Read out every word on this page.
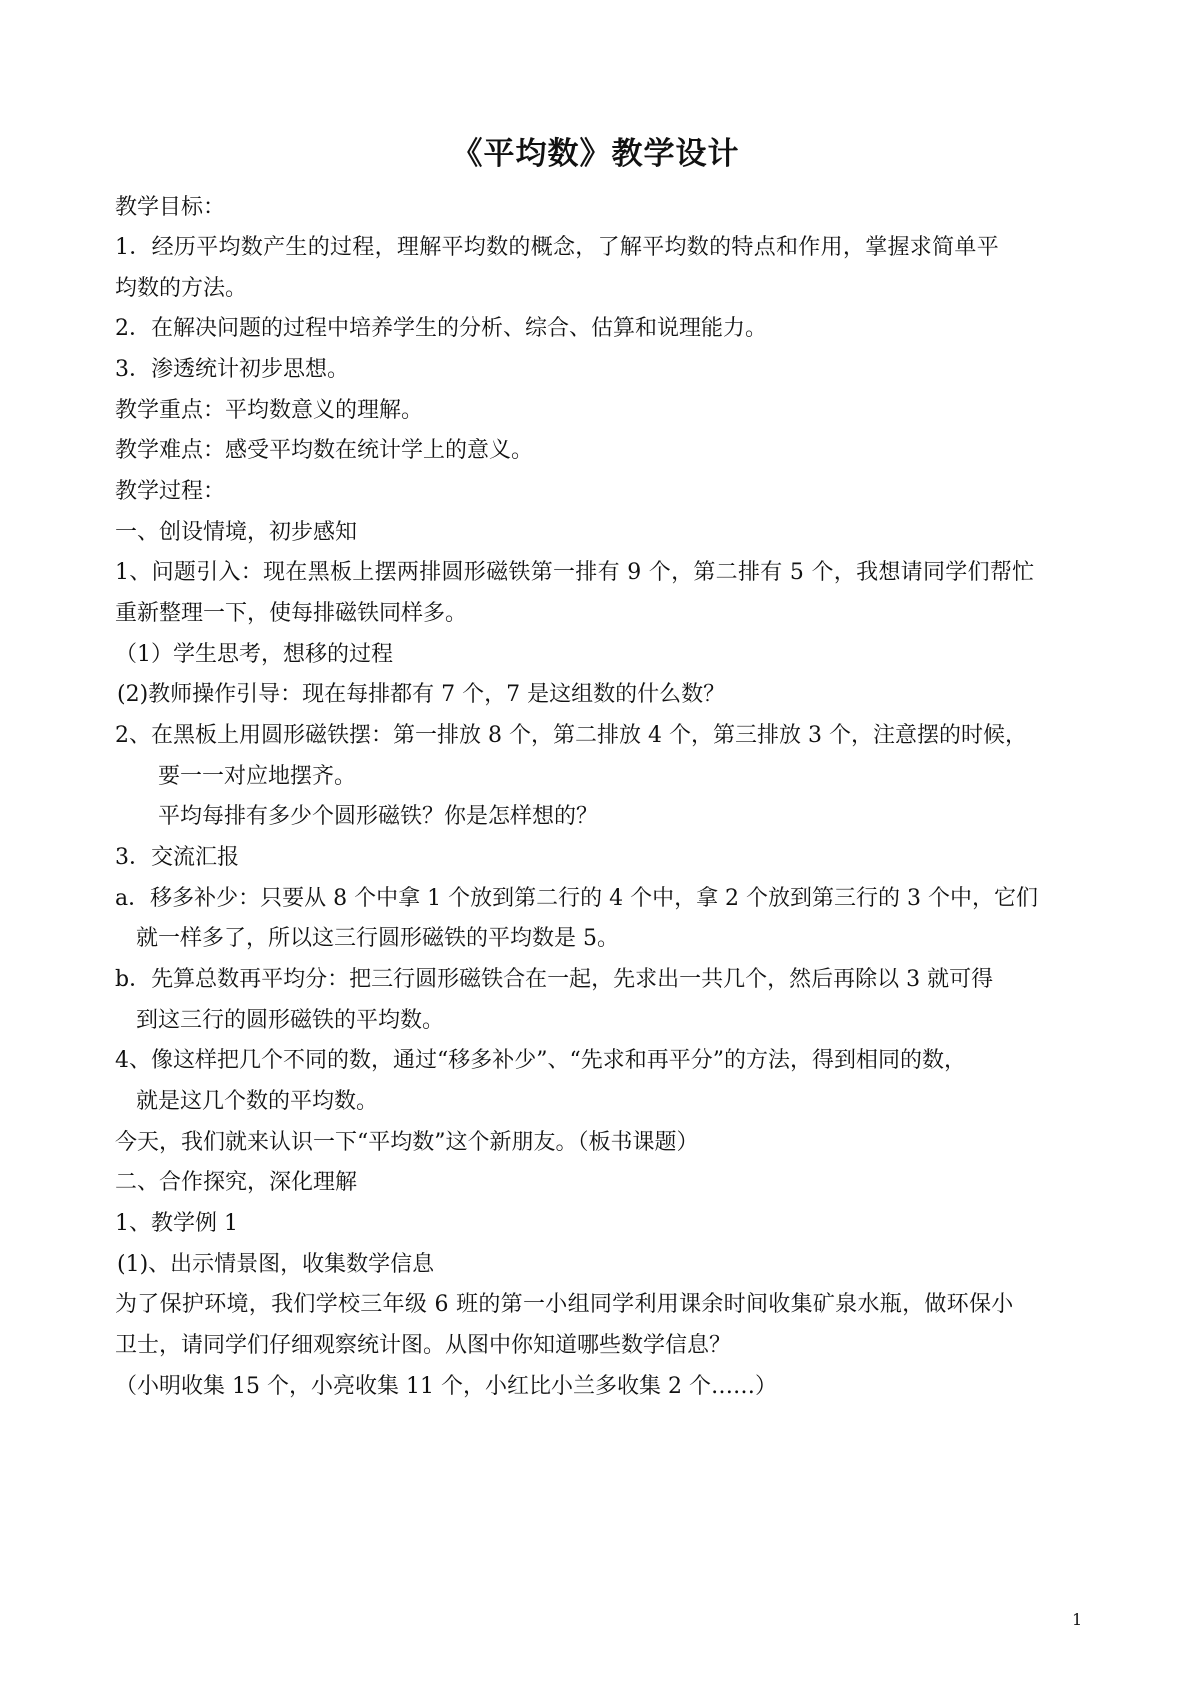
《平均数》教学设计
教学目标：
1．经历平均数产生的过程，理解平均数的概念，了解平均数的特点和作用，掌握求简单平
均数的方法。
2．在解决问题的过程中培养学生的分析、综合、估算和说理能力。
3．渗透统计初步思想。
教学重点：平均数意义的理解。
教学难点：感受平均数在统计学上的意义。
教学过程：
一、创设情境，初步感知
1、问题引入：现在黑板上摆两排圆形磁铁第一排有 9 个，第二排有 5 个，我想请同学们帮忙
重新整理一下，使每排磁铁同样多。
（1）学生思考，想移的过程
(2)教师操作引导：现在每排都有 7 个，7 是这组数的什么数？
2、在黑板上用圆形磁铁摆：第一排放 8 个，第二排放 4 个，第三排放 3 个，注意摆的时候，
要一一对应地摆齐。
平均每排有多少个圆形磁铁？你是怎样想的？
3．交流汇报
a．移多补少：只要从 8 个中拿 1 个放到第二行的 4 个中，拿 2 个放到第三行的 3 个中，它们
就一样多了，所以这三行圆形磁铁的平均数是 5。
b．先算总数再平均分：把三行圆形磁铁合在一起，先求出一共几个，然后再除以 3 就可得
到这三行的圆形磁铁的平均数。
4、像这样把几个不同的数，通过“移多补少”、“先求和再平分”的方法，得到相同的数，
就是这几个数的平均数。
今天，我们就来认识一下“平均数”这个新朋友。（板书课题）
二、合作探究，深化理解
1、教学例 1
(1)、出示情景图，收集数学信息
为了保护环境，我们学校三年级 6 班的第一小组同学利用课余时间收集矿泉水瓶，做环保小
卫士，请同学们仔细观察统计图。从图中你知道哪些数学信息？
（小明收集 15 个，小亮收集 11 个，小红比小兰多收集 2 个……）
1
